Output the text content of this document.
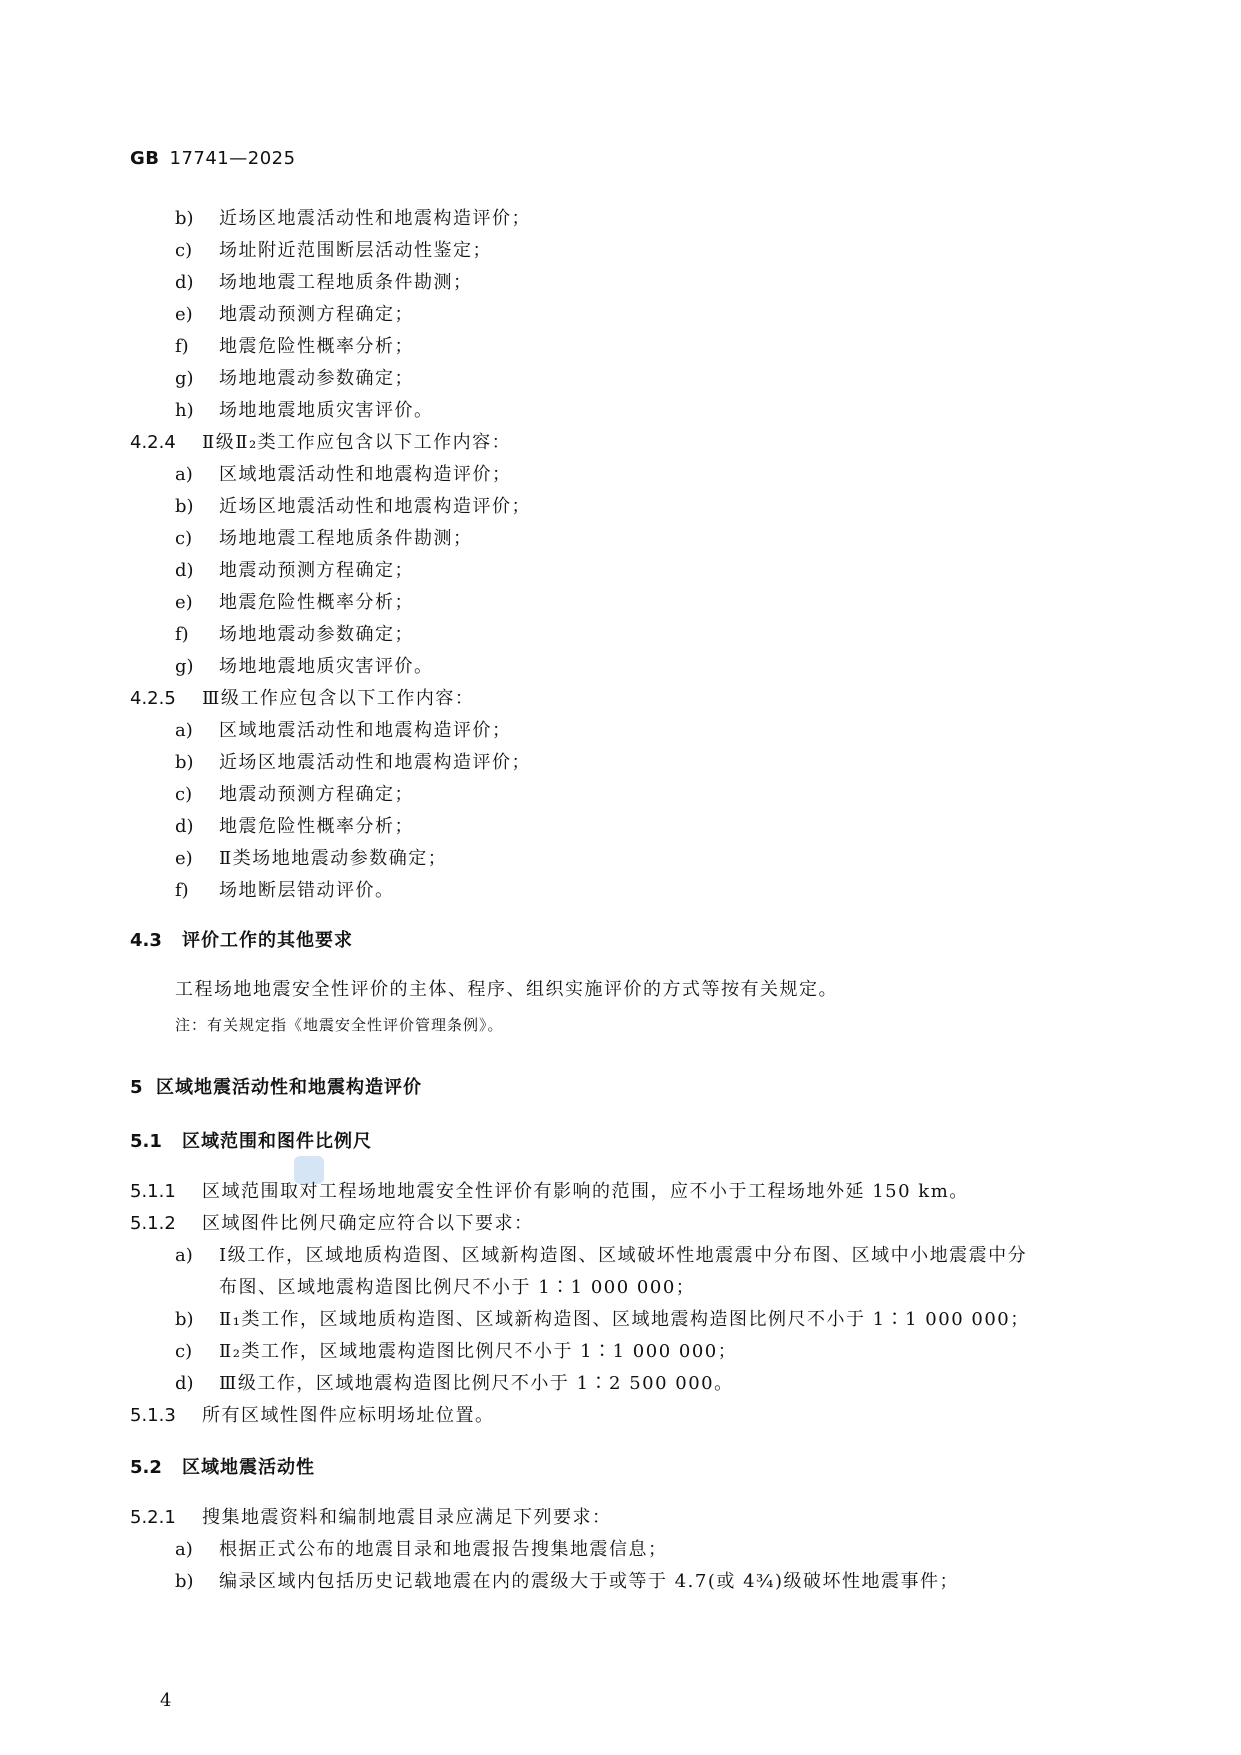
GB 17741—2025
b) 近场区地震活动性和地震构造评价；
c) 场址附近范围断层活动性鉴定；
d) 场地地震工程地质条件勘测；
e) 地震动预测方程确定；
f) 地震危险性概率分析；
g) 场地地震动参数确定；
h) 场地地震地质灾害评价。
4.2.4 Ⅱ级Ⅱ₂类工作应包含以下工作内容：
a) 区域地震活动性和地震构造评价；
b) 近场区地震活动性和地震构造评价；
c) 场地地震工程地质条件勘测；
d) 地震动预测方程确定；
e) 地震危险性概率分析；
f) 场地地震动参数确定；
g) 场地地震地质灾害评价。
4.2.5 Ⅲ级工作应包含以下工作内容：
a) 区域地震活动性和地震构造评价；
b) 近场区地震活动性和地震构造评价；
c) 地震动预测方程确定；
d) 地震危险性概率分析；
e) Ⅱ类场地地震动参数确定；
f) 场地断层错动评价。
4.3 评价工作的其他要求
工程场地地震安全性评价的主体、程序、组织实施评价的方式等按有关规定。
注：有关规定指《地震安全性评价管理条例》。
5 区域地震活动性和地震构造评价
5.1 区域范围和图件比例尺
5.1.1 区域范围取对工程场地地震安全性评价有影响的范围，应不小于工程场地外延 150 km。
5.1.2 区域图件比例尺确定应符合以下要求：
a) Ⅰ级工作，区域地质构造图、区域新构造图、区域破坏性地震震中分布图、区域中小地震震中分
布图、区域地震构造图比例尺不小于 1∶1 000 000；
b) Ⅱ₁类工作，区域地质构造图、区域新构造图、区域地震构造图比例尺不小于 1∶1 000 000；
c) Ⅱ₂类工作，区域地震构造图比例尺不小于 1∶1 000 000；
d) Ⅲ级工作，区域地震构造图比例尺不小于 1∶2 500 000。
5.1.3 所有区域性图件应标明场址位置。
5.2 区域地震活动性
5.2.1 搜集地震资料和编制地震目录应满足下列要求：
a) 根据正式公布的地震目录和地震报告搜集地震信息；
b) 编录区域内包括历史记载地震在内的震级大于或等于 4.7(或 4¾)级破坏性地震事件；
4
